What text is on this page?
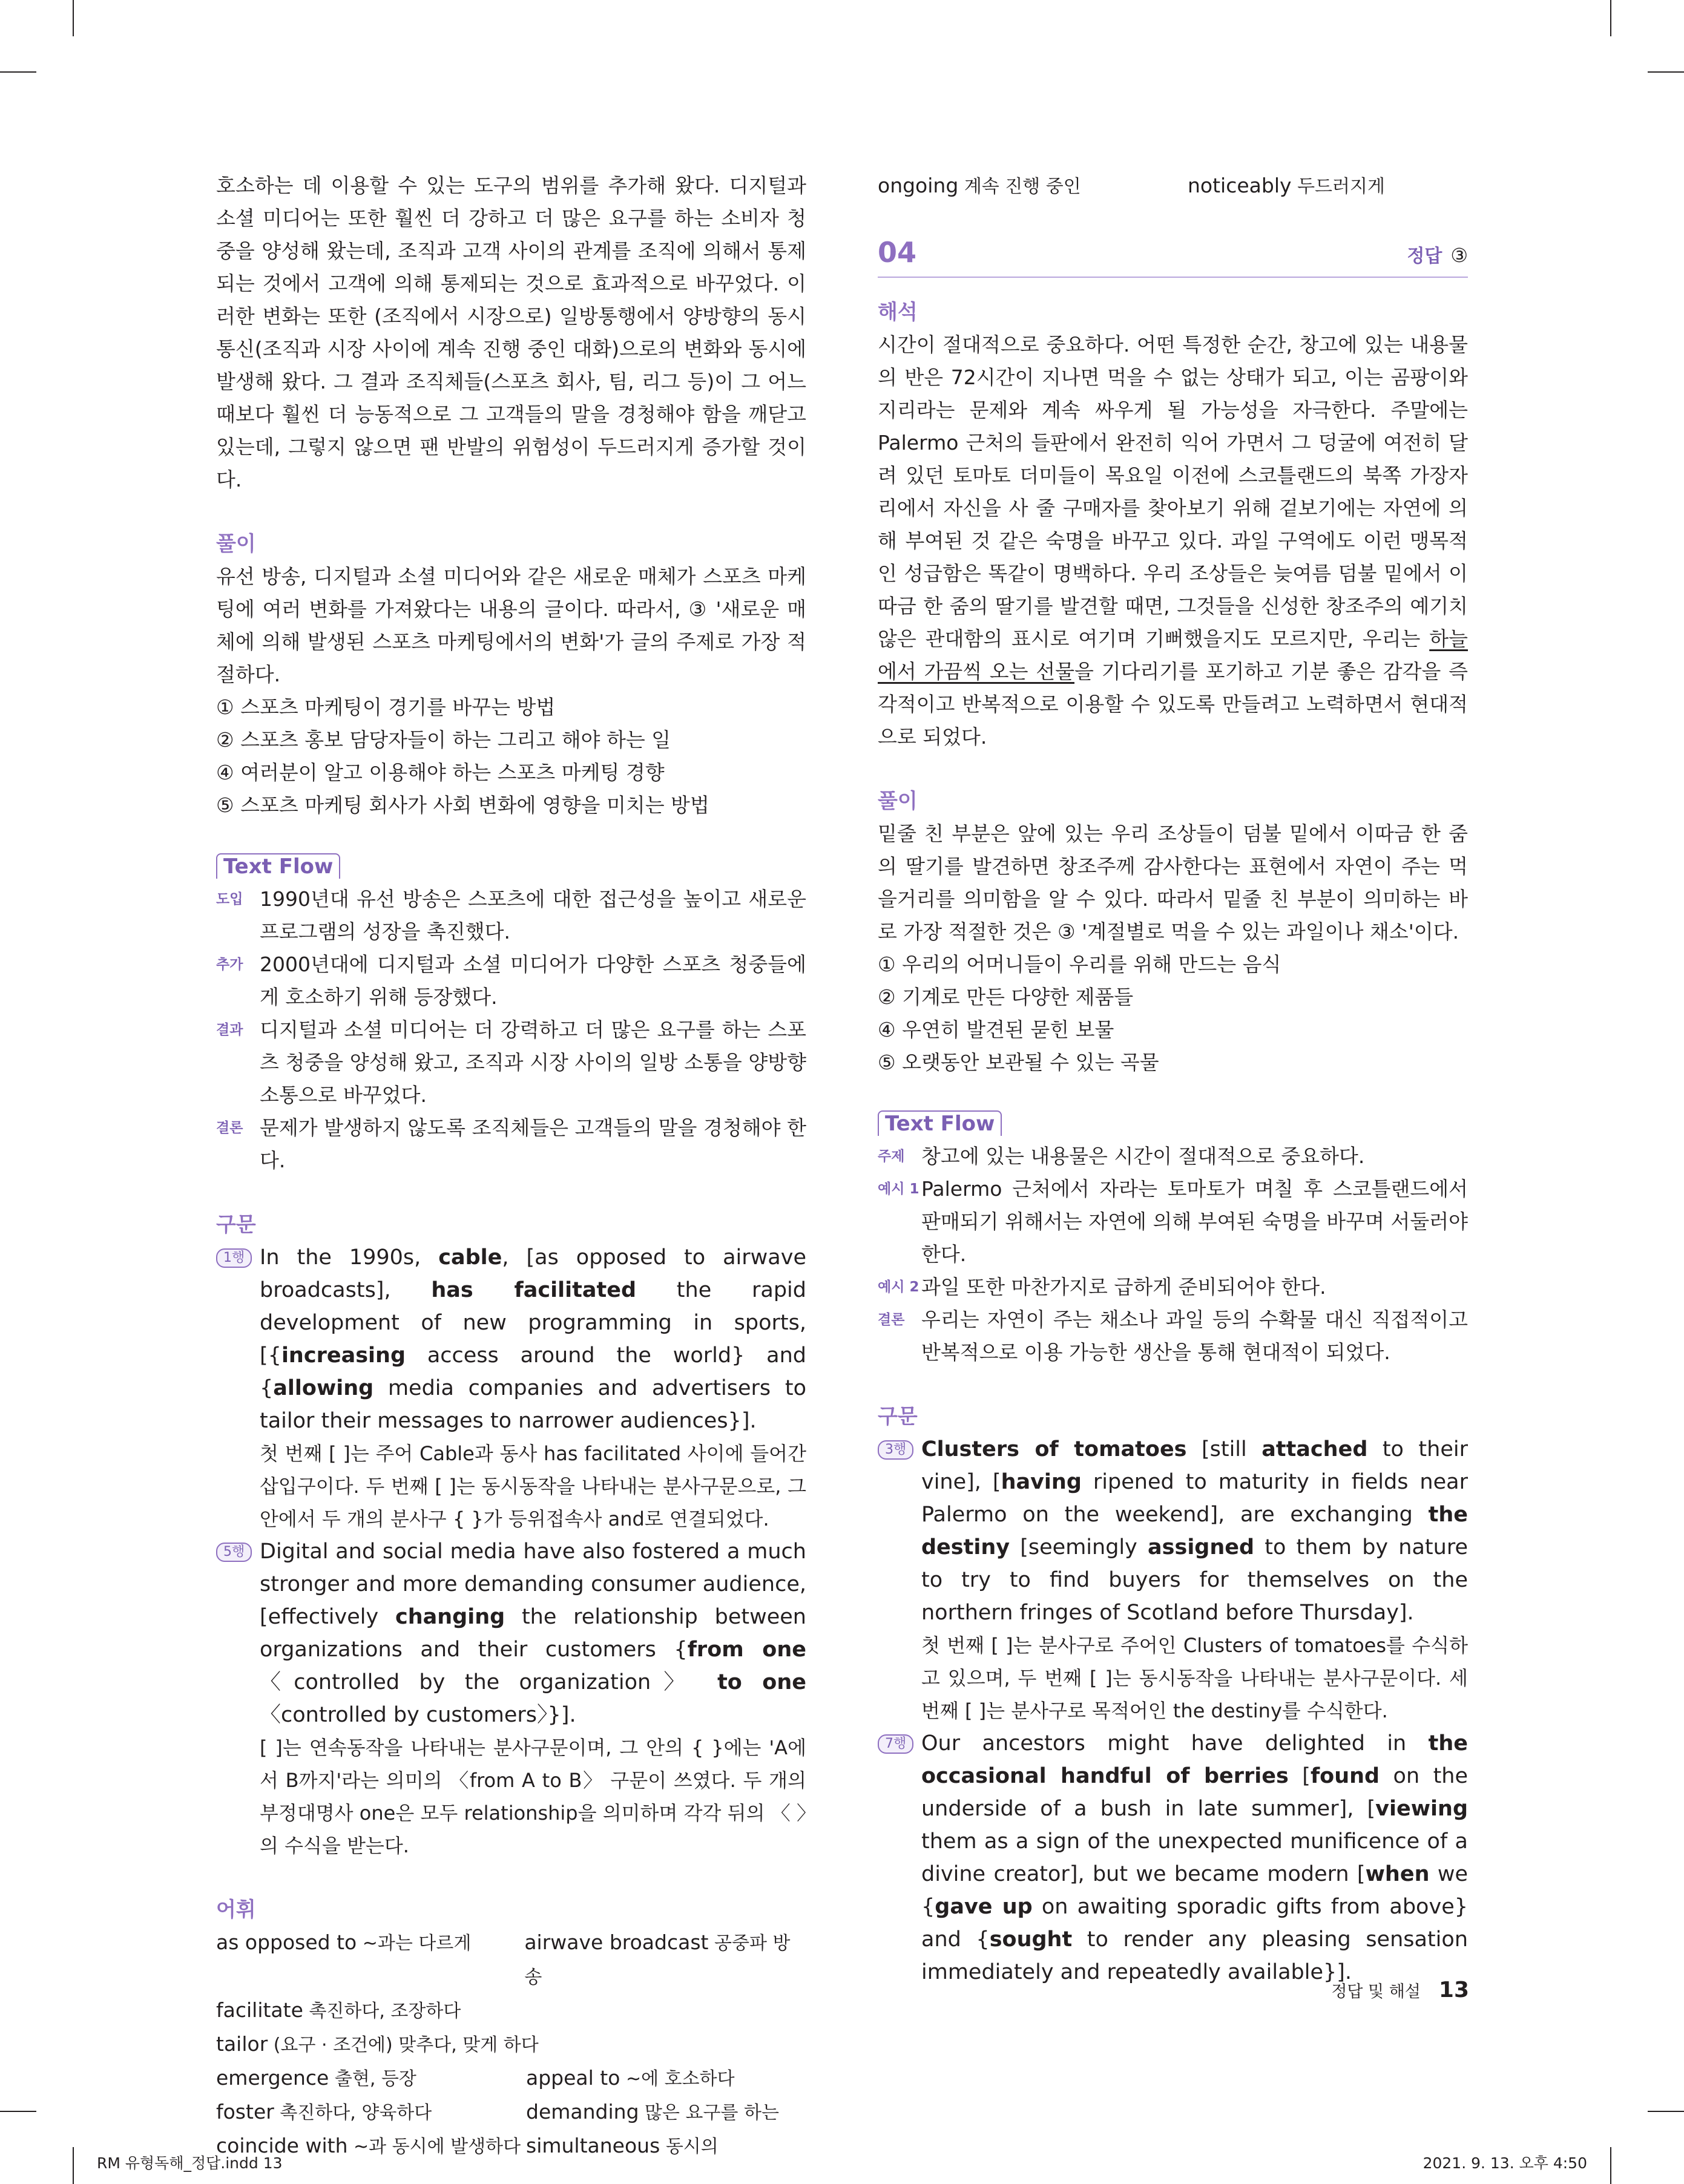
호소하는 데 이용할 수 있는 도구의 범위를 추가해 왔다. 디지털과 소셜 미디어는 또한 훨씬 더 강하고 더 많은 요구를 하는 소비자 청중을 양성해 왔는데, 조직과 고객 사이의 관계를 조직에 의해서 통제되는 것에서 고객에 의해 통제되는 것으로 효과적으로 바꾸었다. 이러한 변화는 또한 (조직에서 시장으로) 일방통행에서 양방향의 동시 통신(조직과 시장 사이에 계속 진행 중인 대화)으로의 변화와 동시에 발생해 왔다. 그 결과 조직체들(스포츠 회사, 팀, 리그 등)이 그 어느 때보다 훨씬 더 능동적으로 그 고객들의 말을 경청해야 함을 깨닫고 있는데, 그렇지 않으면 팬 반발의 위험성이 두드러지게 증가할 것이다.

풀이

유선 방송, 디지털과 소셜 미디어와 같은 새로운 매체가 스포츠 마케팅에 여러 변화를 가져왔다는 내용의 글이다. 따라서, ③ '새로운 매체에 의해 발생된 스포츠 마케팅에서의 변화'가 글의 주제로 가장 적절하다.

① 스포츠 마케팅이 경기를 바꾸는 방법

② 스포츠 홍보 담당자들이 하는 그리고 해야 하는 일

④ 여러분이 알고 이용해야 하는 스포츠 마케팅 경향

⑤ 스포츠 마케팅 회사가 사회 변화에 영향을 미치는 방법

Text Flow
도입 1990년대 유선 방송은 스포츠에 대한 접근성을 높이고 새로운 프로그램의 성장을 촉진했다.

추가 2000년대에 디지털과 소셜 미디어가 다양한 스포츠 청중들에게 호소하기 위해 등장했다.

결과 디지털과 소셜 미디어는 더 강력하고 더 많은 요구를 하는 스포츠 청중을 양성해 왔고, 조직과 시장 사이의 일방 소통을 양방향 소통으로 바꾸었다.

결론 문제가 발생하지 않도록 조직체들은 고객들의 말을 경청해야 한다.

구문
1행 In the 1990s, cable, [as opposed to airwave broadcasts], has facilitated the rapid development of new programming in sports, [{increasing access around the world} and {allowing media companies and advertisers to tailor their messages to narrower audiences}].

첫 번째 [ ]는 주어 Cable과 동사 has facilitated 사이에 들어간 삽입구이다. 두 번째 [ ]는 동시동작을 나타내는 분사구문으로, 그 안에서 두 개의 분사구 { }가 등위접속사 and로 연결되었다.

5행 Digital and social media have also fostered a much stronger and more demanding consumer audience, [effectively changing the relationship between organizations and their customers {from one 〈controlled by the organization〉 to one 〈controlled by customers〉}].

[ ]는 연속동작을 나타내는 분사구문이며, 그 안의 { }에는 'A에서 B까지'라는 의미의 〈from A to B〉 구문이 쓰였다. 두 개의 부정대명사 one은 모두 relationship을 의미하며 각각 뒤의 〈 〉의 수식을 받는다.

어휘
as opposed to ~과는 다르게	airwave broadcast 공중파 방송
facilitate 촉진하다, 조장하다
tailor (요구 · 조건에) 맞추다, 맞게 하다
emergence 출현, 등장	appeal to ~에 호소하다
foster 촉진하다, 양육하다	demanding 많은 요구를 하는
coincide with ~과 동시에 발생하다 simultaneous 동시의
ongoing 계속 진행 중인	noticeably 두드러지게
04	정답 ③
해석

시간이 절대적으로 중요하다. 어떤 특정한 순간, 창고에 있는 내용물의 반은 72시간이 지나면 먹을 수 없는 상태가 되고, 이는 곰팡이와 지리라는 문제와 계속 싸우게 될 가능성을 자극한다. 주말에는 Palermo 근처의 들판에서 완전히 익어 가면서 그 덩굴에 여전히 달려 있던 토마토 더미들이 목요일 이전에 스코틀랜드의 북쪽 가장자리에서 자신을 사 줄 구매자를 찾아보기 위해 겉보기에는 자연에 의해 부여된 것 같은 숙명을 바꾸고 있다. 과일 구역에도 이런 맹목적인 성급함은 똑같이 명백하다. 우리 조상들은 늦여름 덤불 밑에서 이따금 한 줌의 딸기를 발견할 때면, 그것들을 신성한 창조주의 예기치 않은 관대함의 표시로 여기며 기뻐했을지도 모르지만, 우리는 하늘에서 가끔씩 오는 선물을 기다리기를 포기하고 기분 좋은 감각을 즉각적이고 반복적으로 이용할 수 있도록 만들려고 노력하면서 현대적으로 되었다.

풀이

밑줄 친 부분은 앞에 있는 우리 조상들이 덤불 밑에서 이따금 한 줌의 딸기를 발견하면 창조주께 감사한다는 표현에서 자연이 주는 먹을거리를 의미함을 알 수 있다. 따라서 밑줄 친 부분이 의미하는 바로 가장 적절한 것은 ③ '계절별로 먹을 수 있는 과일이나 채소'이다.

① 우리의 어머니들이 우리를 위해 만드는 음식

② 기계로 만든 다양한 제품들

④ 우연히 발견된 묻힌 보물

⑤ 오랫동안 보관될 수 있는 곡물

Text Flow
주제 창고에 있는 내용물은 시간이 절대적으로 중요하다.

예시 1 Palermo 근처에서 자라는 토마토가 며칠 후 스코틀랜드에서 판매되기 위해서는 자연에 의해 부여된 숙명을 바꾸며 서둘러야 한다.

예시 2 과일 또한 마찬가지로 급하게 준비되어야 한다.

결론 우리는 자연이 주는 채소나 과일 등의 수확물 대신 직접적이고 반복적으로 이용 가능한 생산을 통해 현대적이 되었다.

구문
3행 Clusters of tomatoes [still attached to their vine], [having ripened to maturity in fields near Palermo on the weekend], are exchanging the destiny [seemingly assigned to them by nature to try to find buyers for themselves on the northern fringes of Scotland before Thursday].

첫 번째 [ ]는 분사구로 주어인 Clusters of tomatoes를 수식하고 있으며, 두 번째 [ ]는 동시동작을 나타내는 분사구문이다. 세 번째 [ ]는 분사구로 목적어인 the destiny를 수식한다.

7행 Our ancestors might have delighted in the occasional handful of berries [found on the underside of a bush in late summer], [viewing them as a sign of the unexpected munificence of a divine creator], but we became modern [when we {gave up on awaiting sporadic gifts from above} and {sought to render any pleasing sensation immediately and repeatedly available}].

정답 및 해설 13
RM 유형독해_정답.indd 13	2021. 9. 13. 오후 4:50
